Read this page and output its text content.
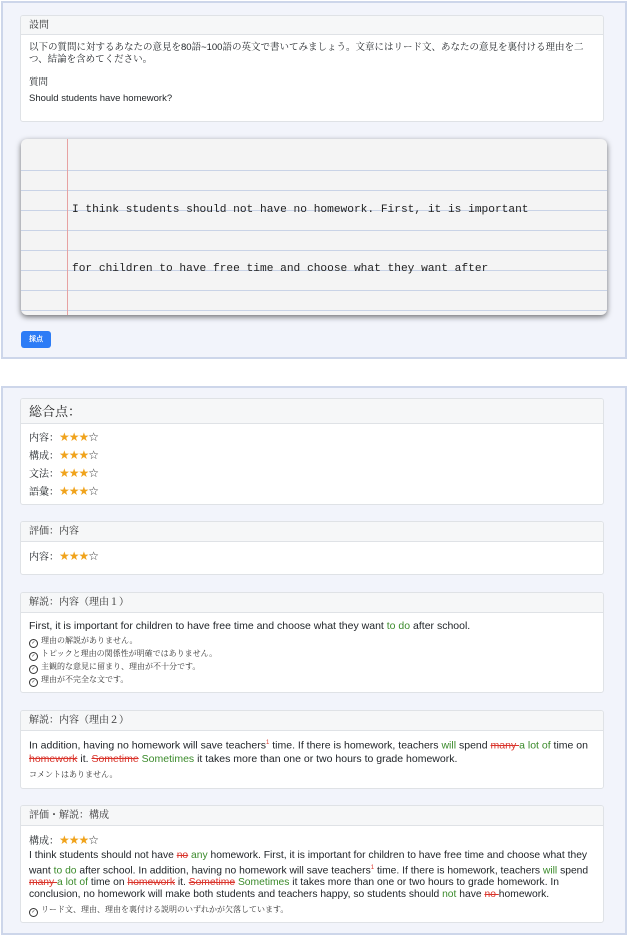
設問
以下の質問に対するあなたの意見を80語~100語の英文で書いてみましょう。文章にはリード文、あなたの意見を裏付ける理由を二つ、結論を含めてください。
質問
Should students have homework?

I think students should not have no homework. First, it is important

for children to have free time and choose what they want after

採点
総合点：
内容：★★★☆
構成：★★★☆
文法：★★★☆
語彙：★★★☆
評価：内容
内容：★★★☆
解説：内容（理由１）
First, it is important for children to have free time and choose what they want to do after school.
✓ 理由の解説がありません。
✓ トピックと理由の関係性が明確ではありません。
✓ 主観的な意見に留まり、理由が不十分です。
✓ 理由が不完全な文です。
解説：内容（理由２）
In addition, having no homework will save teachers$^1$ time. If there is homework, teachers will spend many a lot of time on
homework it. Sometime Sometimes it takes more than one or two hours to grade homework.
コメントはありません。
評価・解説：構成
構成：★★★☆
I think students should not have no any homework. First, it is important for children to have free time and choose what they want to do after school. In addition, having no homework will save teachers$^1$ time. If there is homework, teachers will spend many a lot of time on homework it. Sometime Sometimes it takes more than one or two hours to grade homework. In conclusion, no homework will make both students and teachers happy, so students should not have no homework.
✓ リード文、理由、理由を裏付ける説明のいずれかが欠落しています。
